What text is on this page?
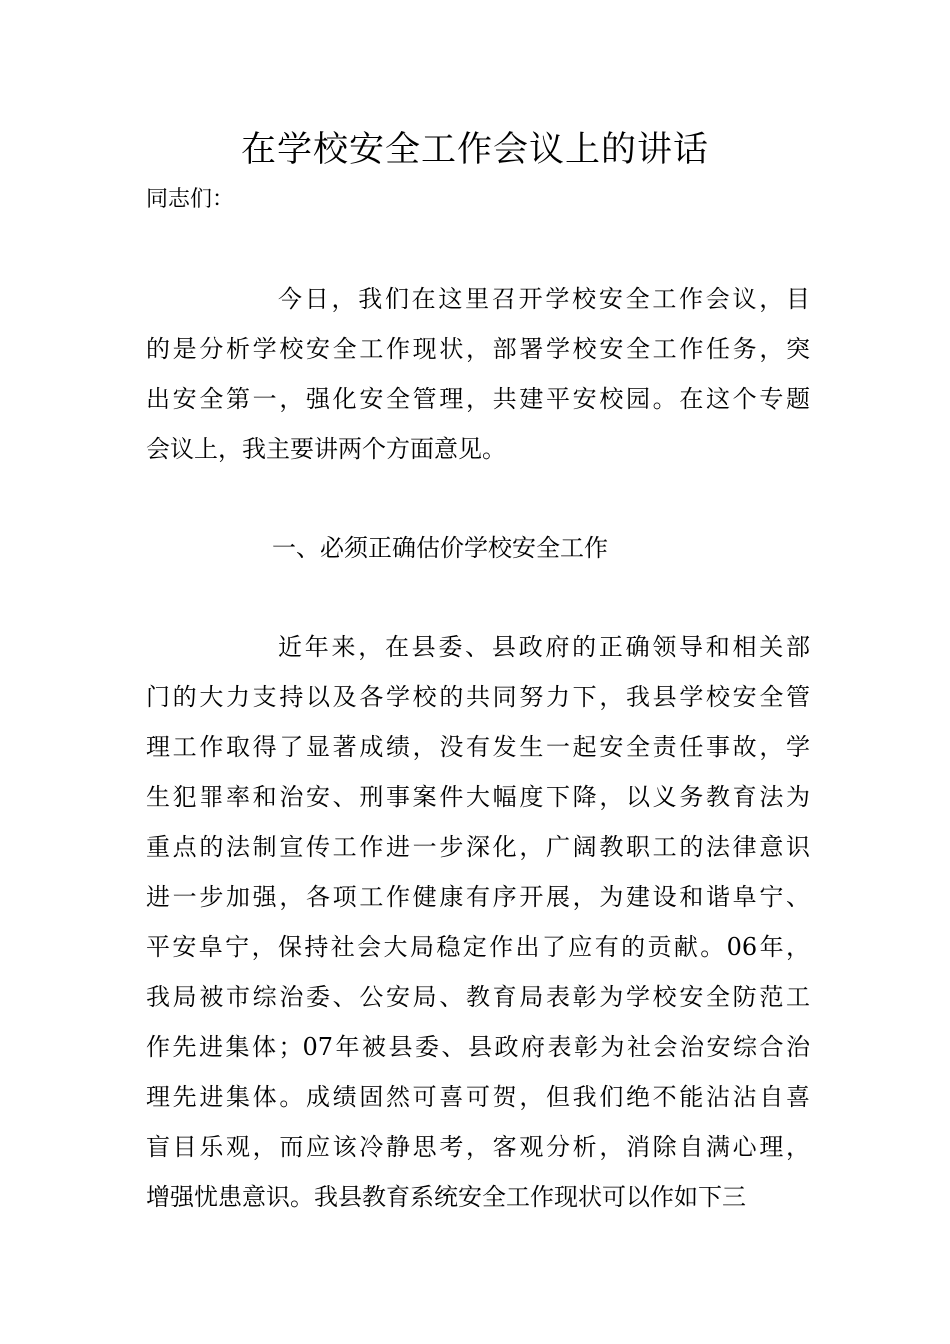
在学校安全工作会议上的讲话

同志们：

今日，我们在这里召开学校安全工作会议，目
的是分析学校安全工作现状，部署学校安全工作任务，突
出安全第一，强化安全管理，共建平安校园。在这个专题
会议上，我主要讲两个方面意见。
一、必须正确估价学校安全工作
近年来，在县委、县政府的正确领导和相关部
门的大力支持以及各学校的共同努力下，我县学校安全管
理工作取得了显著成绩，没有发生一起安全责任事故，学
生犯罪率和治安、刑事案件大幅度下降，以义务教育法为
重点的法制宣传工作进一步深化，广阔教职工的法律意识
进一步加强，各项工作健康有序开展，为建设和谐阜宁、
平安阜宁，保持社会大局稳定作出了应有的贡献。06年，
我局被市综治委、公安局、教育局表彰为学校安全防范工
作先进集体；07年被县委、县政府表彰为社会治安综合治
理先进集体。成绩固然可喜可贺，但我们绝不能沾沾自喜
盲目乐观，而应该冷静思考，客观分析，消除自满心理，
增强忧患意识。我县教育系统安全工作现状可以作如下三
